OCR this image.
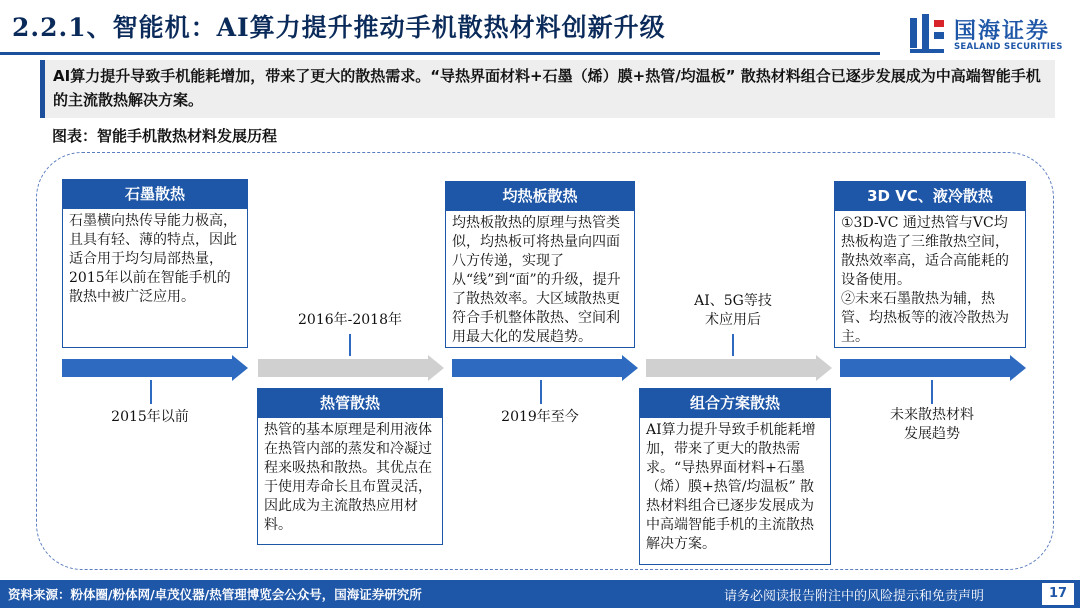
2.2.1、智能机：AI算力提升推动手机散热材料创新升级	国海证券
SEALAND SECURITIES
AI算力提升导致手机能耗增加，带来了更大的散热需求。“导热界面材料+石墨（烯）膜+热管/均温板” 散热材料组合已逐步发展成为中高端智能手机的主流散热解决方案。
图表：智能手机散热材料发展历程
2015年以前
2016年-2018年
2019年至今
AI、5G等技术应用后
未来散热材料发展趋势
石墨散热
石墨横向热传导能力极高，且具有轻、薄的特点，因此适合用于均匀局部热量，2015年以前在智能手机的散热中被广泛应用。
热管散热
热管的基本原理是利用液体在热管内部的蒸发和冷凝过程来吸热和散热。其优点在于使用寿命长且布置灵活，因此成为主流散热应用材料。
均热板散热
均热板散热的原理与热管类似，均热板可将热量向四面八方传递，实现了从“线”到“面”的升级，提升了散热效率。大区域散热更符合手机整体散热、空间利用最大化的发展趋势。
组合方案散热
AI算力提升导致手机能耗增加，带来了更大的散热需求。“导热界面材料+石墨（烯）膜+热管/均温板” 散热材料组合已逐步发展成为中高端智能手机的主流散热解决方案。
3D VC、液冷散热
①3D-VC 通过热管与VC均热板构造了三维散热空间，散热效率高，适合高能耗的设备使用。
②未来石墨散热为辅，热管、均热板等的液冷散热为主。
资料来源：粉体圈/粉体网/卓茂仪器/热管理博览会公众号，国海证券研究所	请务必阅读报告附注中的风险提示和免责声明	17
